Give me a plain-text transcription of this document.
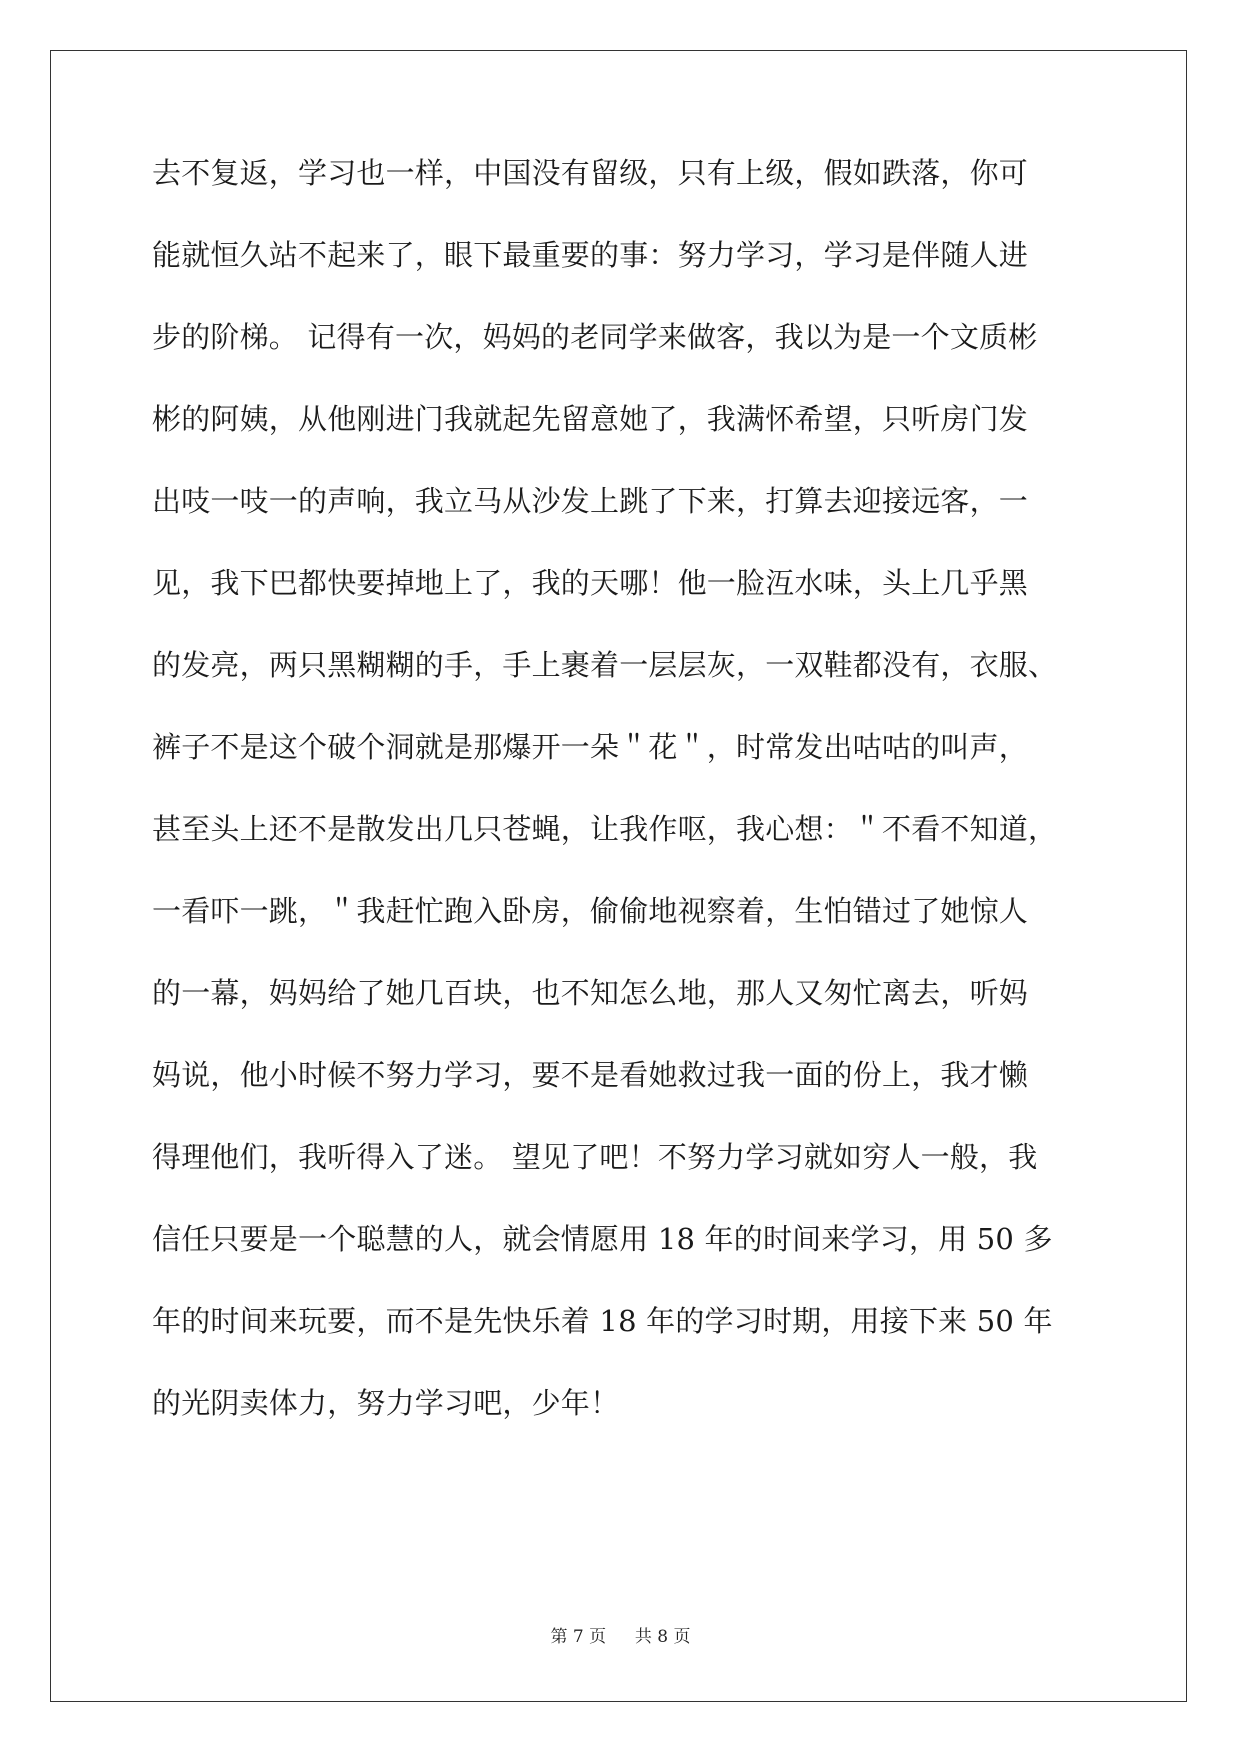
去不复返，学习也一样，中国没有留级，只有上级，假如跌落，你可
能就恒久站不起来了，眼下最重要的事：努力学习，学习是伴随人进
步的阶梯。 记得有一次，妈妈的老同学来做客，我以为是一个文质彬
彬的阿姨，从他刚进门我就起先留意她了，我满怀希望，只听房门发
出吱一吱一的声响，我立马从沙发上跳了下来，打算去迎接远客，一
见，我下巴都快要掉地上了，我的天哪！他一脸沍水味，头上几乎黑
的发亮，两只黑糊糊的手，手上裹着一层层灰，一双鞋都没有，衣服、
裤子不是这个破个洞就是那爆开一朵＂花＂，时常发出咕咕的叫声，
甚至头上还不是散发出几只苍蝇，让我作呕，我心想：＂不看不知道，
一看吓一跳，＂我赶忙跑入卧房，偷偷地视察着，生怕错过了她惊人
的一幕，妈妈给了她几百块，也不知怎么地，那人又匆忙离去，听妈
妈说，他小时候不努力学习，要不是看她救过我一面的份上，我才懒
得理他们，我听得入了迷。 望见了吧！不努力学习就如穷人一般，我
信任只要是一个聪慧的人，就会情愿用 18 年的时间来学习，用 50 多
年的时间来玩要，而不是先快乐着 18 年的学习时期，用接下来 50 年
的光阴卖体力，努力学习吧，少年！
第 7 页 共 8 页
